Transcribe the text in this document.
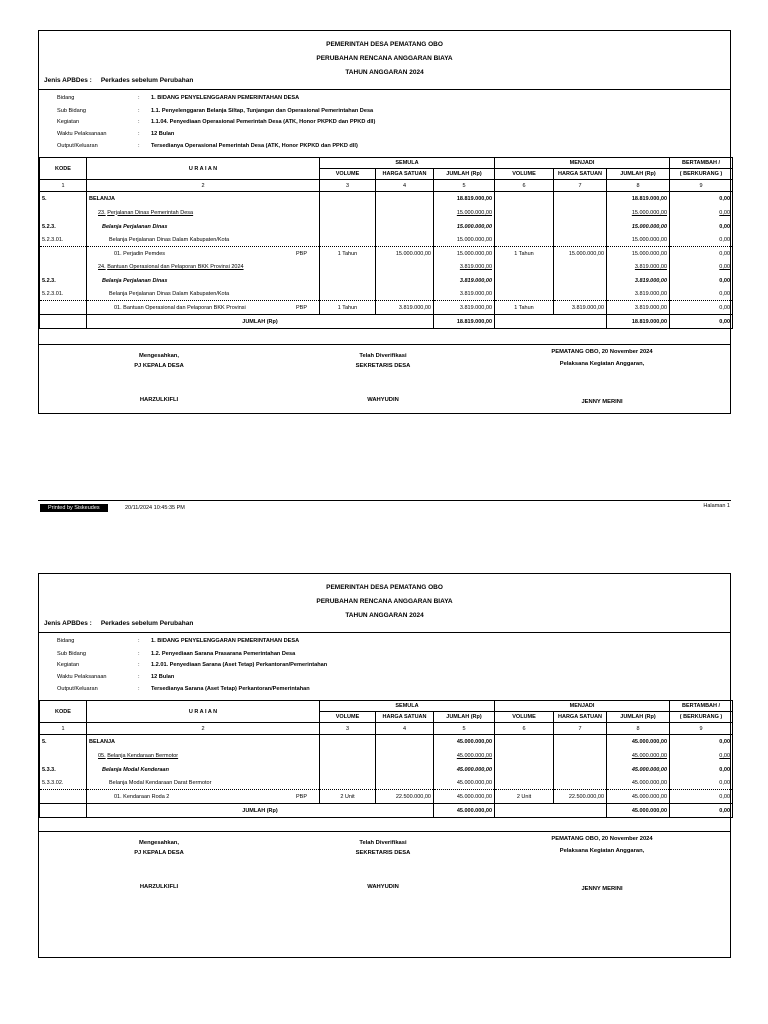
PEMERINTAH DESA PEMATANG OBO
PERUBAHAN RENCANA ANGGARAN BIAYA
TAHUN ANGGARAN 2024
Jenis APBDes : Perkades sebelum Perubahan
Bidang	: 1. BIDANG PENYELENGGARAN PEMERINTAHAN DESA
Sub Bidang	: 1.1. Penyelenggaran Belanja Siltap, Tunjangan dan Operasional Pemerintahan Desa
Kegiatan	: 1.1.04. Penyediaan Operasional Pemerintah Desa (ATK, Honor PKPKD dan PPKD dll)
Waktu Pelaksanaan	: 12 Bulan
Output/Keluaran	: Tersedianya Operasional Pemerintah Desa (ATK, Honor PKPKD dan PPKD dll)
KODE	U R A I A N	SEMULA			MENJADI			BERTAMBAH /
		VOLUME	HARGA SATUAN	JUMLAH (Rp)	VOLUME	HARGA SATUAN	JUMLAH (Rp)	( BERKURANG )
1	2	3	4	5	6	7	8	9
5.	BELANJA			18.819.000,00			18.819.000,00	0,00
	23. Perjalanan Dinas Pemerintah Desa			15.000.000,00			15.000.000,00	0,00
5.2.3.	Belanja Perjalanan Dinas			15.000.000,00			15.000.000,00	0,00
5.2.3.01.	Belanja Perjalanan Dinas Dalam Kabupaten/Kota			15.000.000,00			15.000.000,00	0,00
	01. Perjadin Pemdes PBP	1 Tahun	15.000.000,00	15.000.000,00	1 Tahun	15.000.000,00	15.000.000,00	0,00
	24. Bantuan Operasional dan Pelaporan BKK Provinsi 2024			3.819.000,00			3.819.000,00	0,00
5.2.3.	Belanja Perjalanan Dinas			3.819.000,00			3.819.000,00	0,00
5.2.3.01.	Belanja Perjalanan Dinas Dalam Kabupaten/Kota			3.819.000,00			3.819.000,00	0,00
	01. Bantuan Operasional dan Pelaporan BKK Provinsi PBP	1 Tahun	3.819.000,00	3.819.000,00	1 Tahun	3.819.000,00	3.819.000,00	0,00
	JUMLAH (Rp)			18.819.000,00			18.819.000,00	0,00
Mengesahkan,
PJ KEPALA DESA
HARZULKIFLI
Telah Diverifikasi
SEKRETARIS DESA
WAHYUDIN
PEMATANG OBO, 20 November 2024
Pelaksana Kegiatan Anggaran,
JENNY MERINI
Printed by Siskeudes	20/11/2024 10:45:35 PM	Halaman 1
PEMERINTAH DESA PEMATANG OBO
PERUBAHAN RENCANA ANGGARAN BIAYA
TAHUN ANGGARAN 2024
Jenis APBDes : Perkades sebelum Perubahan
Bidang	: 1. BIDANG PENYELENGGARAN PEMERINTAHAN DESA
Sub Bidang	: 1.2. Penyediaan Sarana Prasarana Pemerintahan Desa
Kegiatan	: 1.2.01. Penyediaan Sarana (Aset Tetap) Perkantoran/Pemerintahan
Waktu Pelaksanaan	: 12 Bulan
Output/Keluaran	: Tersedianya Sarana (Aset Tetap) Perkantoran/Pemerintahan
KODE	U R A I A N	SEMULA			MENJADI			BERTAMBAH /
		VOLUME	HARGA SATUAN	JUMLAH (Rp)	VOLUME	HARGA SATUAN	JUMLAH (Rp)	( BERKURANG )
1	2	3	4	5	6	7	8	9
5.	BELANJA			45.000.000,00			45.000.000,00	0,00
	05. Belanja Kendaraan Bermotor			45.000.000,00			45.000.000,00	0,00
5.3.3.	Belanja Modal Kenderaan			45.000.000,00			45.000.000,00	0,00
5.3.3.02.	Belanja Modal Kendaraan Darat Bermotor			45.000.000,00			45.000.000,00	0,00
	01. Kendaraan Roda 2 PBP	2 Unit	22.500.000,00	45.000.000,00	2 Unit	22.500.000,00	45.000.000,00	0,00
	JUMLAH (Rp)			45.000.000,00			45.000.000,00	0,00
Mengesahkan,
PJ KEPALA DESA
HARZULKIFLI
Telah Diverifikasi
SEKRETARIS DESA
WAHYUDIN
PEMATANG OBO, 20 November 2024
Pelaksana Kegiatan Anggaran,
JENNY MERINI
